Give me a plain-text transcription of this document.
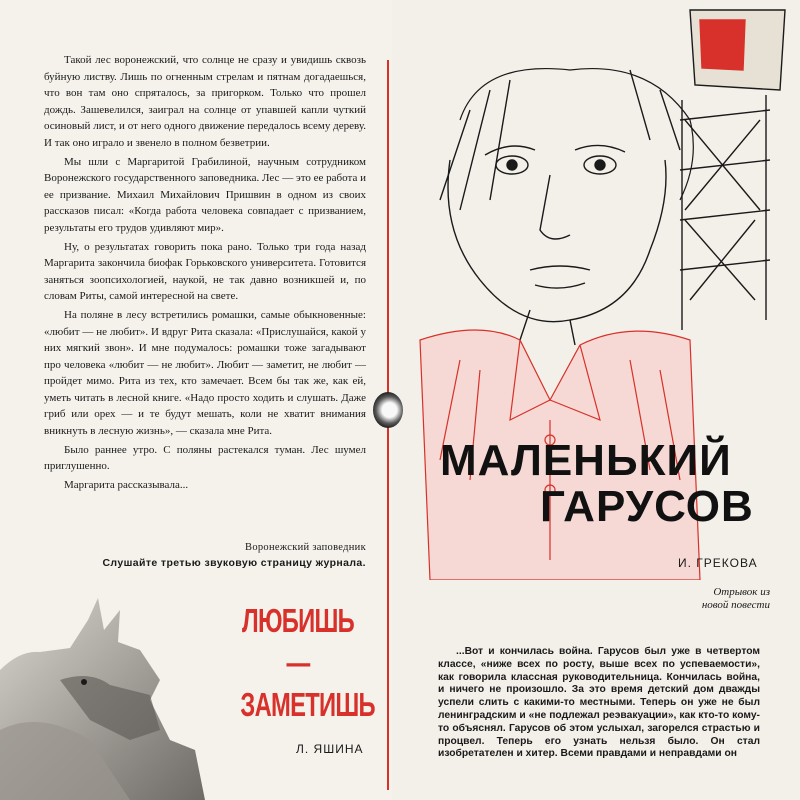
Такой лес воронежский, что солнце не сразу и увидишь сквозь буйную листву. Лишь по огненным стрелам и пятнам догадаешься, что вон там оно спряталось, за пригорком. Только что прошел дождь. Зашевелился, заиграл на солнце от упавшей капли чуткий осиновый лист, и от него одного движение передалось всему дереву. И так оно играло и звенело в полном безветрии.

Мы шли с Маргаритой Грабилиной, научным сотрудником Воронежского государственного заповедника. Лес — это ее работа и ее призвание. Михаил Михайлович Пришвин в одном из своих рассказов писал: «Когда работа человека совпадает с призванием, результаты его трудов удивляют мир».

Ну, о результатах говорить пока рано. Только три года назад Маргарита закончила биофак Горьковского университета. Готовится заняться зоопсихологией, наукой, не так давно возникшей и, по словам Риты, самой интересной на свете.

На поляне в лесу встретились ромашки, самые обыкновенные: «любит — не любит». И вдруг Рита сказала: «Прислушайся, какой у них мягкий звон». И мне подумалось: ромашки тоже загадывают про человека «любит — не любит». Любит — заметит, не любит — пройдет мимо. Рита из тех, кто замечает. Всем бы так же, как ей, уметь читать в лесной книге. «Надо просто ходить и слушать. Даже гриб или орех — и те будут мешать, коли не хватит внимания вникнуть в лесную жизнь», — сказала мне Рита.

Было раннее утро. С поляны растекался туман. Лес шумел приглушенно.

Маргарита рассказывала...

Воронежский заповедник
Слушайте третью звуковую страницу журнала.
ЛЮБИШЬ—
ЗАМЕТИШЬ
Л. ЯШИНА
МАЛЕНЬКИЙ
ГАРУСОВ
И. ГРЕКОВА
Отрывок из новой повести

...Вот и кончилась война. Гарусов был уже в четвертом классе, «ниже всех по росту, выше всех по успеваемости», как говорила классная руководительница. Кончилась война, и ничего не произошло. За это время детский дом дважды успели слить с какими-то местными. Теперь он уже не был ленинградским и «не подлежал реэвакуации», как кто-то кому-то объяснял. Гарусов об этом услыхал, загорелся страстью и процвел. Теперь его узнать нельзя было. Он стал изобретателен и хитер. Всеми правдами и неправдами он
